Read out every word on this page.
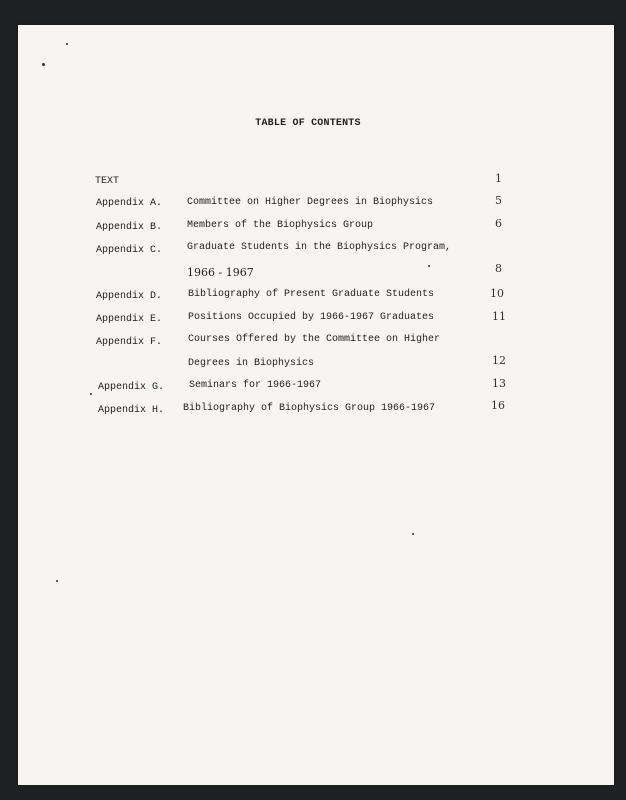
TABLE OF CONTENTS
TEXT	1
Appendix A. Committee on Higher Degrees in Biophysics	5
Appendix B. Members of the Biophysics Group	6
Appendix C. Graduate Students in the Biophysics Program,
1966 - 1967	8
Appendix D.	Bibliography of Present Graduate Students	10
Appendix E.	Positions Occupied by 1966-1967 Graduates	11
Appendix F.	Courses Offered by the Committee on Higher
Degrees in Biophysics	12
Appendix G. Seminars for 1966-1967	13
Appendix H. Bibliography of Biophysics Group 1966-1967	16
